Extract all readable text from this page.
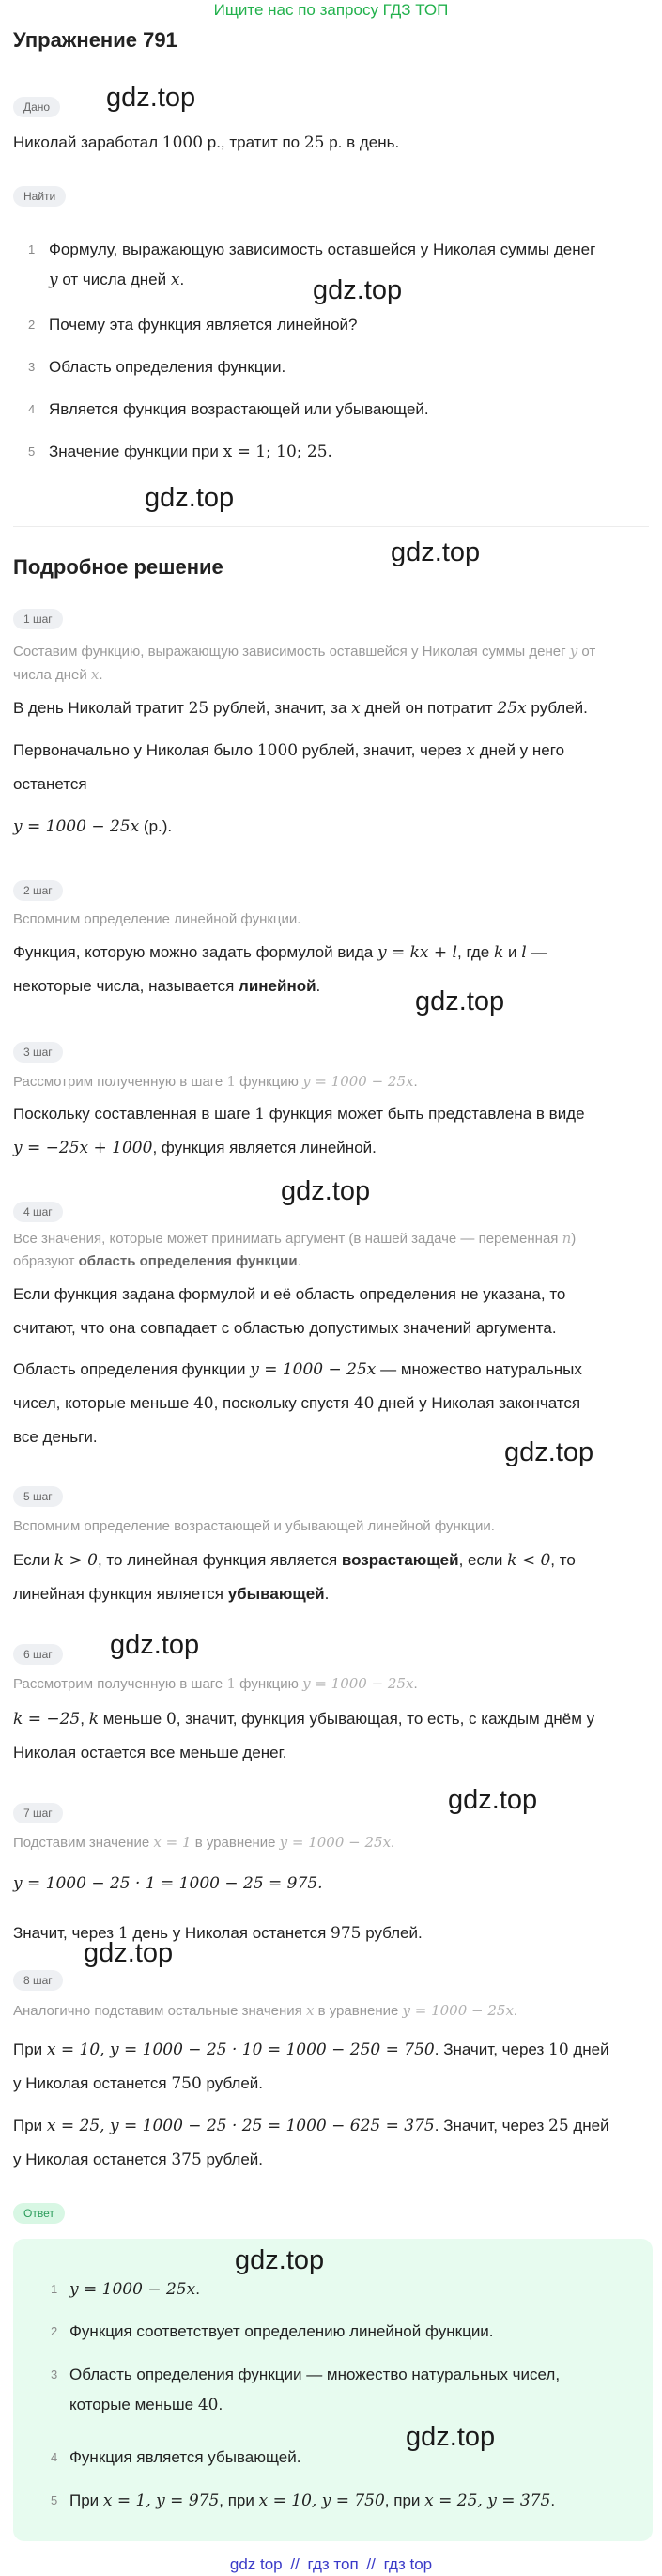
Ищите нас по запросу ГДЗ ТОП
Упражнение 791
Дано	gdz.top
Николай заработал 1000 р., тратит по 25 р. в день.
Найти
1 Формулу, выражающую зависимость оставшейся у Николая суммы денег
y от числа дней x.	gdz.top
2 Почему эта функция является линейной?
3 Область определения функции.
4 Является функция возрастающей или убывающей.
5 Значение функции при x = 1; 10; 25.
gdz.top
gdz.top
Подробное решение
1 шаг
Составим функцию, выражающую зависимость оставшейся у Николая суммы денег y от
числа дней x.
В день Николай тратит 25 рублей, значит, за x дней он потратит 25x рублей.
Первоначально у Николая было 1000 рублей, значит, через x дней у него
останется
y = 1000 − 25x (р.).
2 шаг
Вспомним определение линейной функции.
Функция, которую можно задать формулой вида y = kx + l, где k и l —
некоторые числа, называется линейной.
gdz.top
3 шаг
Рассмотрим полученную в шаге 1 функцию y = 1000 − 25x.
Поскольку составленная в шаге 1 функция может быть представлена в виде
y = −25x + 1000, функция является линейной.
gdz.top
4 шаг
Все значения, которые может принимать аргумент (в нашей задаче — переменная n)
образуют область определения функции.
Если функция задана формулой и её область определения не указана, то
считают, что она совпадает с областью допустимых значений аргумента.
Область определения функции y = 1000 − 25x — множество натуральных
чисел, которые меньше 40, поскольку спустя 40 дней у Николая закончатся
все деньги.
gdz.top
5 шаг
Вспомним определение возрастающей и убывающей линейной функции.
Если k > 0, то линейная функция является возрастающей, если k < 0, то
линейная функция является убывающей.
6 шаг	gdz.top
Рассмотрим полученную в шаге 1 функцию y = 1000 − 25x.
k = −25, k меньше 0, значит, функция убывающая, то есть, с каждым днём у
Николая остается все меньше денег.
gdz.top
7 шаг
Подставим значение x = 1 в уравнение y = 1000 − 25x.
y = 1000 − 25 · 1 = 1000 − 25 = 975.
Значит, через 1 день у Николая останется 975 рублей.
gdz.top
8 шаг
Аналогично подставим остальные значения x в уравнение y = 1000 − 25x.
При x = 10, y = 1000 − 25 · 10 = 1000 − 250 = 750. Значит, через 10 дней
у Николая останется 750 рублей.
При x = 25, y = 1000 − 25 · 25 = 1000 − 625 = 375. Значит, через 25 дней
у Николая останется 375 рублей.
Ответ
gdz.top
1 y = 1000 − 25x.
2 Функция соответствует определению линейной функции.
3 Область определения функции — множество натуральных чисел,
которые меньше 40.
gdz.top
4 Функция является убывающей.
5 При x = 1, y = 975, при x = 10, y = 750, при x = 25, y = 375.
gdz top // гдз топ // гдз top
